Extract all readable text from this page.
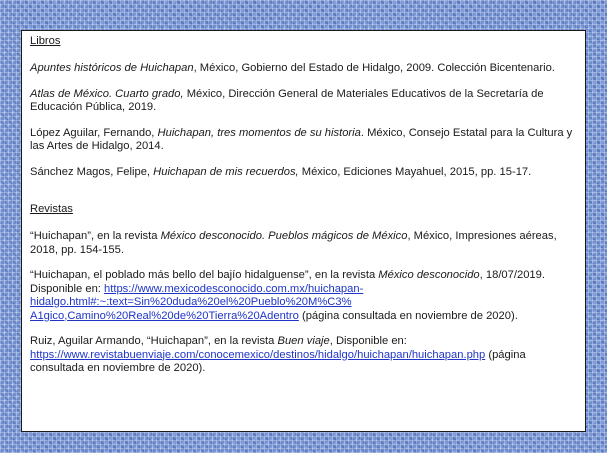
Libros

Apuntes históricos de Huichapan, México, Gobierno del Estado de Hidalgo, 2009. Colección Bicentenario.

Atlas de México. Cuarto grado, México, Dirección General de Materiales Educativos de la Secretaría de Educación Pública, 2019.

López Aguilar, Fernando, Huichapan, tres momentos de su historia. México, Consejo Estatal para la Cultura y las Artes de Hidalgo, 2014.

Sánchez Magos, Felipe, Huichapan de mis recuerdos, México, Ediciones Mayahuel, 2015, pp. 15-17.

Revistas

“Huichapan”, en la revista México desconocido. Pueblos mágicos de México, México, Impresiones aéreas, 2018, pp. 154-155.

“Huichapan, el poblado más bello del bajío hidalguense”, en la revista México desconocido, 18/07/2019. Disponible en: https://www.mexicodesconocido.com.mx/huichapan-
hidalgo.html#:~:text=Sin%20duda%20el%20Pueblo%20M%C3%
A1gico,Camino%20Real%20de%20Tierra%20Adentro (página consultada en noviembre de 2020).

Ruiz, Aguilar Armando, “Huichapan”, en la revista Buen viaje, Disponible en:
https://www.revistabuenviaje.com/conocemexico/destinos/hidalgo/huichapan/huichapan.php (página consultada en noviembre de 2020).
